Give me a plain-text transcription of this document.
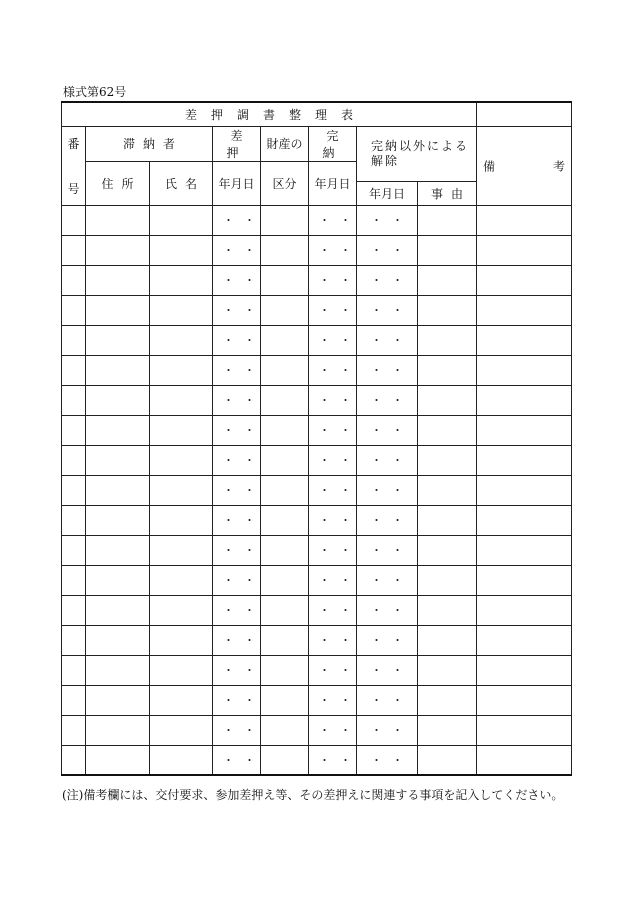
様式第62号
差押調書整理表								

番
号	滞納者		差押	財産の	完納	完納以外による解除		備 考

	住所	氏名	年月日	区分	年月日			
						年月日	事由	
			・・		・・	・・		
			・・		・・	・・		
			・・		・・	・・		
			・・		・・	・・		
			・・		・・	・・		
			・・		・・	・・		
			・・		・・	・・		
			・・		・・	・・		
			・・		・・	・・		
			・・		・・	・・		
			・・		・・	・・		
			・・		・・	・・		
			・・		・・	・・		
			・・		・・	・・		
			・・		・・	・・		
			・・		・・	・・		
			・・		・・	・・		
			・・		・・	・・		
			・・		・・	・・		
(注)備考欄には、交付要求、参加差押え等、その差押えに関連する事項を記入してください。
